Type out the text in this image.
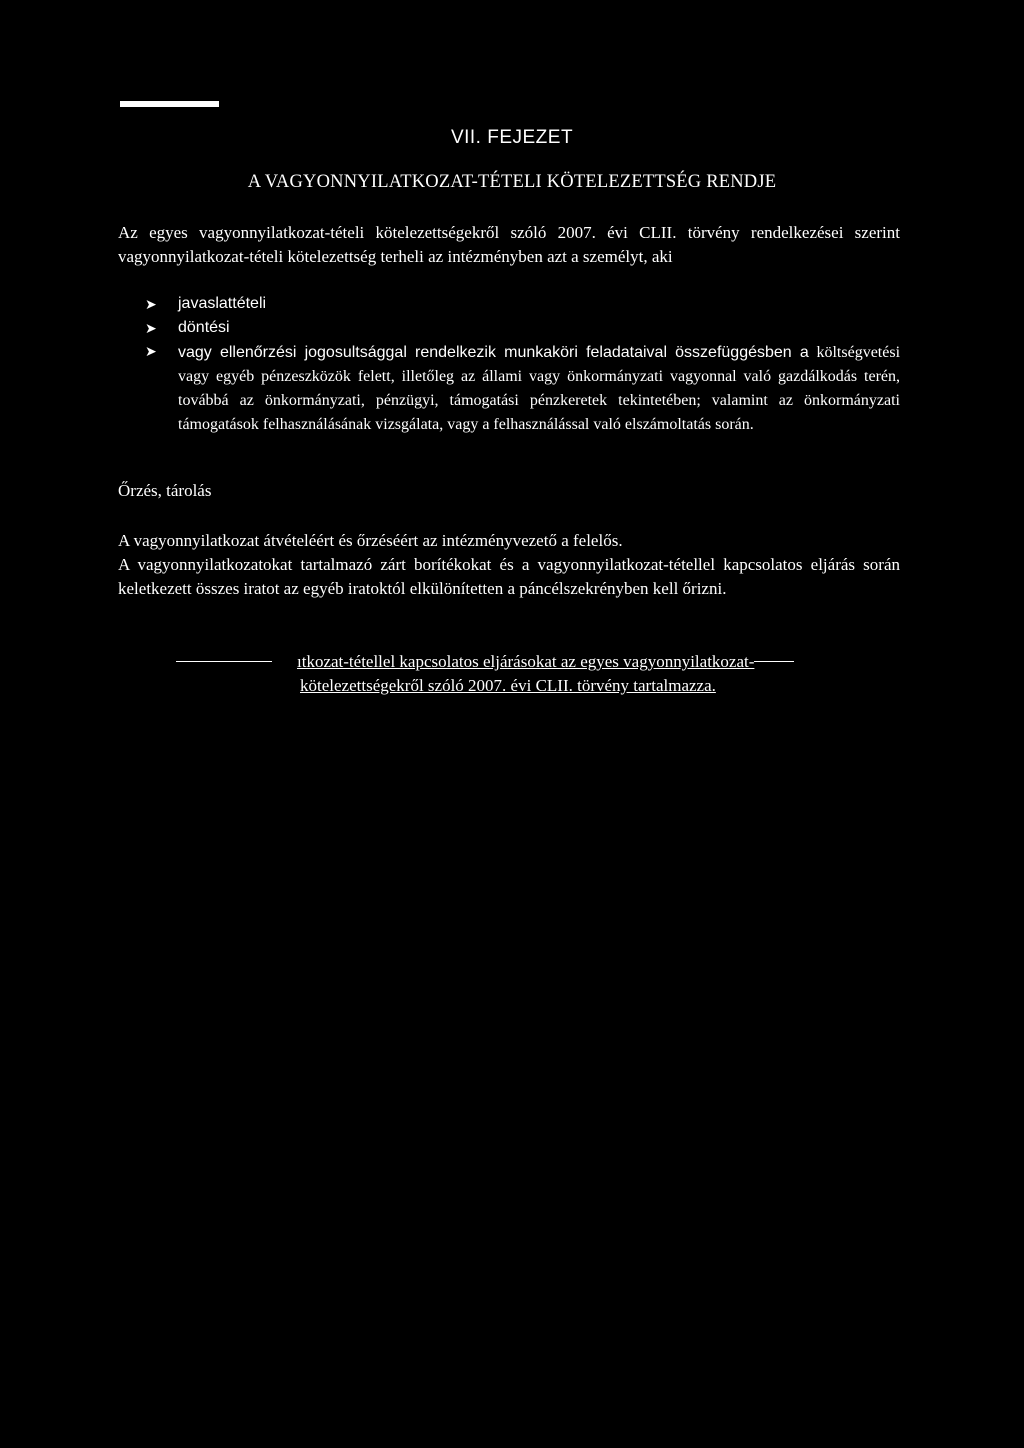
VII. FEJEZET
A VAGYONNYILATKOZAT-TÉTELI KÖTELEZETTSÉG RENDJE
Az egyes vagyonnyilatkozat-tételi kötelezettségekről szóló 2007. évi CLII. törvény rendelkezései szerint vagyonnyilatkozat-tételi kötelezettség terheli az intézményben azt a személyt, aki
➤	javaslattételi
➤	döntési
➤	vagy ellenőrzési jogosultsággal rendelkezik munkaköri feladataival összefüggésben a költségvetési vagy egyéb pénzeszközök felett, illetőleg az állami vagy önkormányzati vagyonnal való gazdálkodás terén, továbbá az önkormányzati, pénzügyi, támogatási pénzkeretek tekintetében; valamint az önkormányzati támogatások felhasználásának vizsgálata, vagy a felhasználással való elszámoltatás során.
Őrzés, tárolás
A vagyonnyilatkozat átvételéért és őrzéséért az intézményvezető a felelős.
A vagyonnyilatkozatokat tartalmazó zárt borítékokat és a vagyonnyilatkozat-tétellel kapcsolatos eljárás során keletkezett összes iratot az egyéb iratoktól elkülönítetten a páncélszekrényben kell őrizni.
ıtkozat-tétellel kapcsolatos eljárásokat az egyes vagyonnyilatkozat-
kötelezettségekről szóló 2007. évi CLII. törvény tartalmazza.
